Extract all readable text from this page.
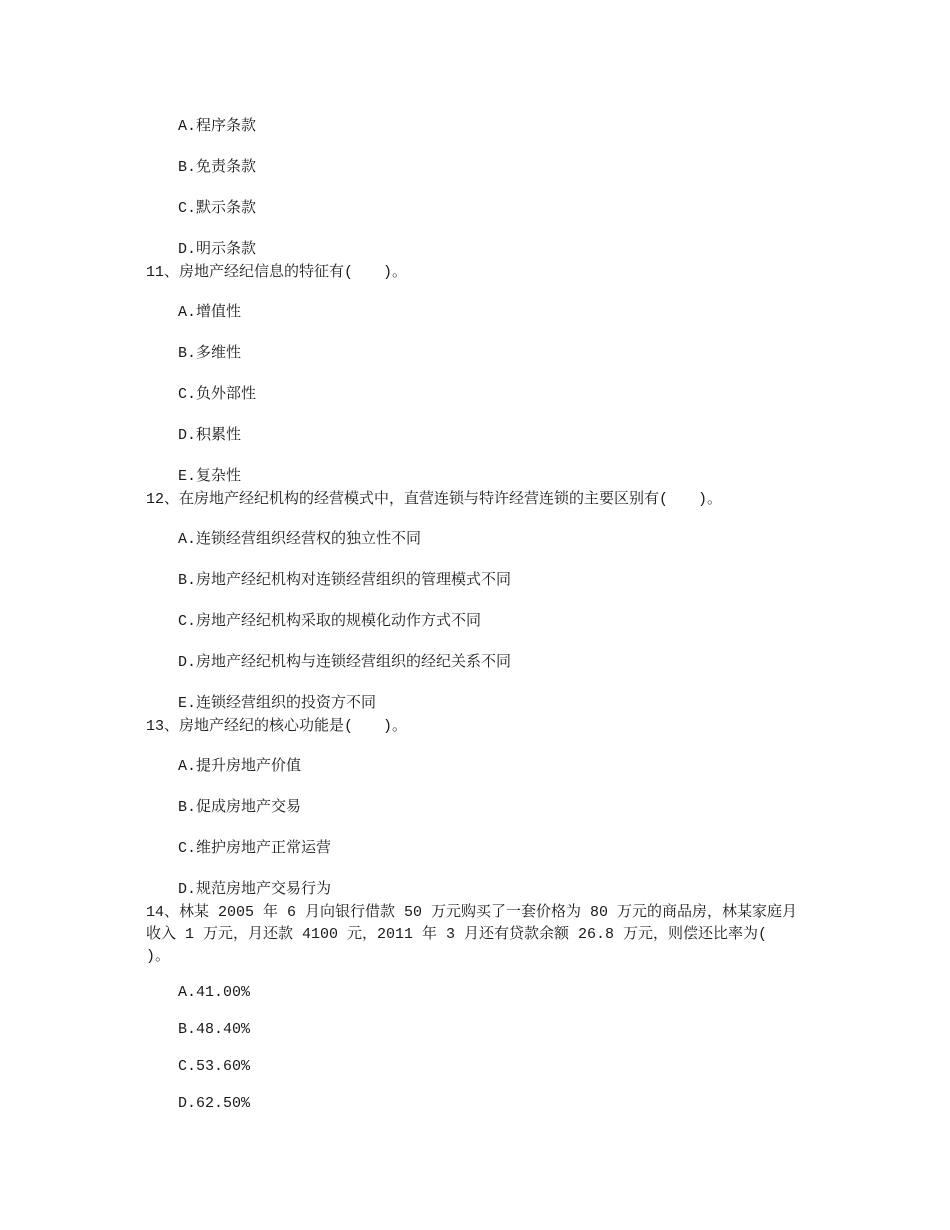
A.程序条款
B.免责条款
C.默示条款
D.明示条款
11、房地产经纪信息的特征有(　　)。
A.增值性
B.多维性
C.负外部性
D.积累性
E.复杂性
12、在房地产经纪机构的经营模式中，直营连锁与特许经营连锁的主要区别有(　　)。
A.连锁经营组织经营权的独立性不同
B.房地产经纪机构对连锁经营组织的管理模式不同
C.房地产经纪机构采取的规模化动作方式不同
D.房地产经纪机构与连锁经营组织的经纪关系不同
E.连锁经营组织的投资方不同
13、房地产经纪的核心功能是(　　)。
A.提升房地产价值
B.促成房地产交易
C.维护房地产正常运营
D.规范房地产交易行为
14、林某 2005 年 6 月向银行借款 50 万元购买了一套价格为 80 万元的商品房，林某家庭月
收入 1 万元，月还款 4100 元，2011 年 3 月还有贷款余额 26.8 万元，则偿还比率为(
)。
A.41.00%
B.48.40%
C.53.60%
D.62.50%
